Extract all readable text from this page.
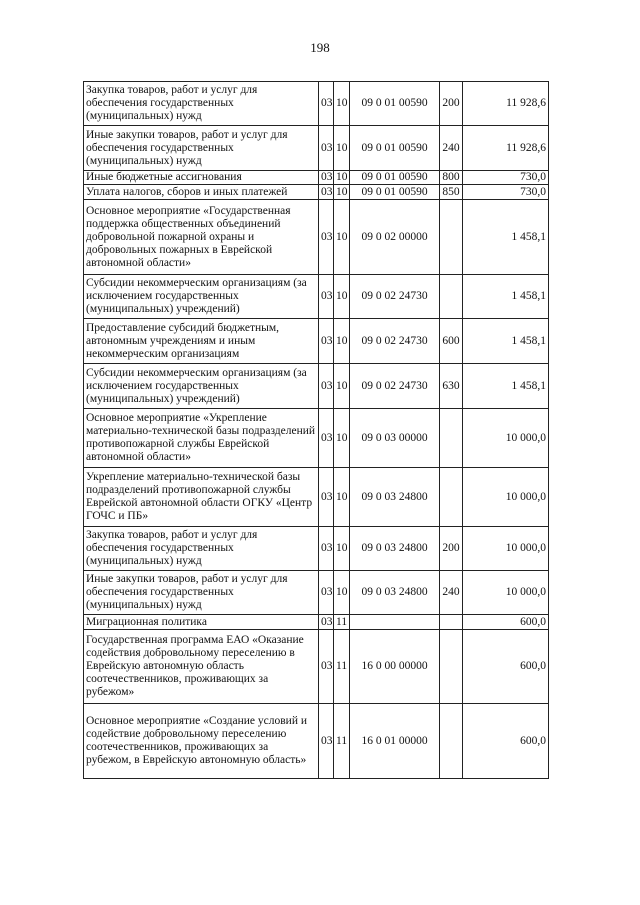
198
Закупка товаров, работ и услуг для обеспечения государственных (муниципальных) нужд	03	10	09 0 01 00590	200	11 928,6
Иные закупки товаров, работ и услуг для обеспечения государственных (муниципальных) нужд	03	10	09 0 01 00590	240	11 928,6
Иные бюджетные ассигнования	03	10	09 0 01 00590	800	730,0
Уплата налогов, сборов и иных платежей	03	10	09 0 01 00590	850	730,0
Основное мероприятие «Государственная поддержка общественных объединений добровольной пожарной охраны и добровольных пожарных в Еврейской автономной области»	03	10	09 0 02 00000		1 458,1
Субсидии некоммерческим организациям (за исключением государственных (муниципальных) учреждений)	03	10	09 0 02 24730		1 458,1
Предоставление субсидий бюджетным, автономным учреждениям и иным некоммерческим организациям	03	10	09 0 02 24730	600	1 458,1
Субсидии некоммерческим организациям (за исключением государственных (муниципальных) учреждений)	03	10	09 0 02 24730	630	1 458,1
Основное мероприятие «Укрепление материально-технической базы подразделений противопожарной службы Еврейской автономной области»	03	10	09 0 03 00000		10 000,0
Укрепление материально-технической базы подразделений противопожарной службы Еврейской автономной области ОГКУ «Центр ГОЧС и ПБ»	03	10	09 0 03 24800		10 000,0
Закупка товаров, работ и услуг для обеспечения государственных (муниципальных) нужд	03	10	09 0 03 24800	200	10 000,0
Иные закупки товаров, работ и услуг для обеспечения государственных (муниципальных) нужд	03	10	09 0 03 24800	240	10 000,0
Миграционная политика	03	11			600,0
Государственная программа ЕАО «Оказание содействия добровольному переселению в Еврейскую автономную область соотечественников, проживающих за рубежом»	03	11	16 0 00 00000		600,0
Основное мероприятие «Создание условий и содействие добровольному переселению соотечественников, проживающих за рубежом, в Еврейскую автономную область»	03	11	16 0 01 00000		600,0
